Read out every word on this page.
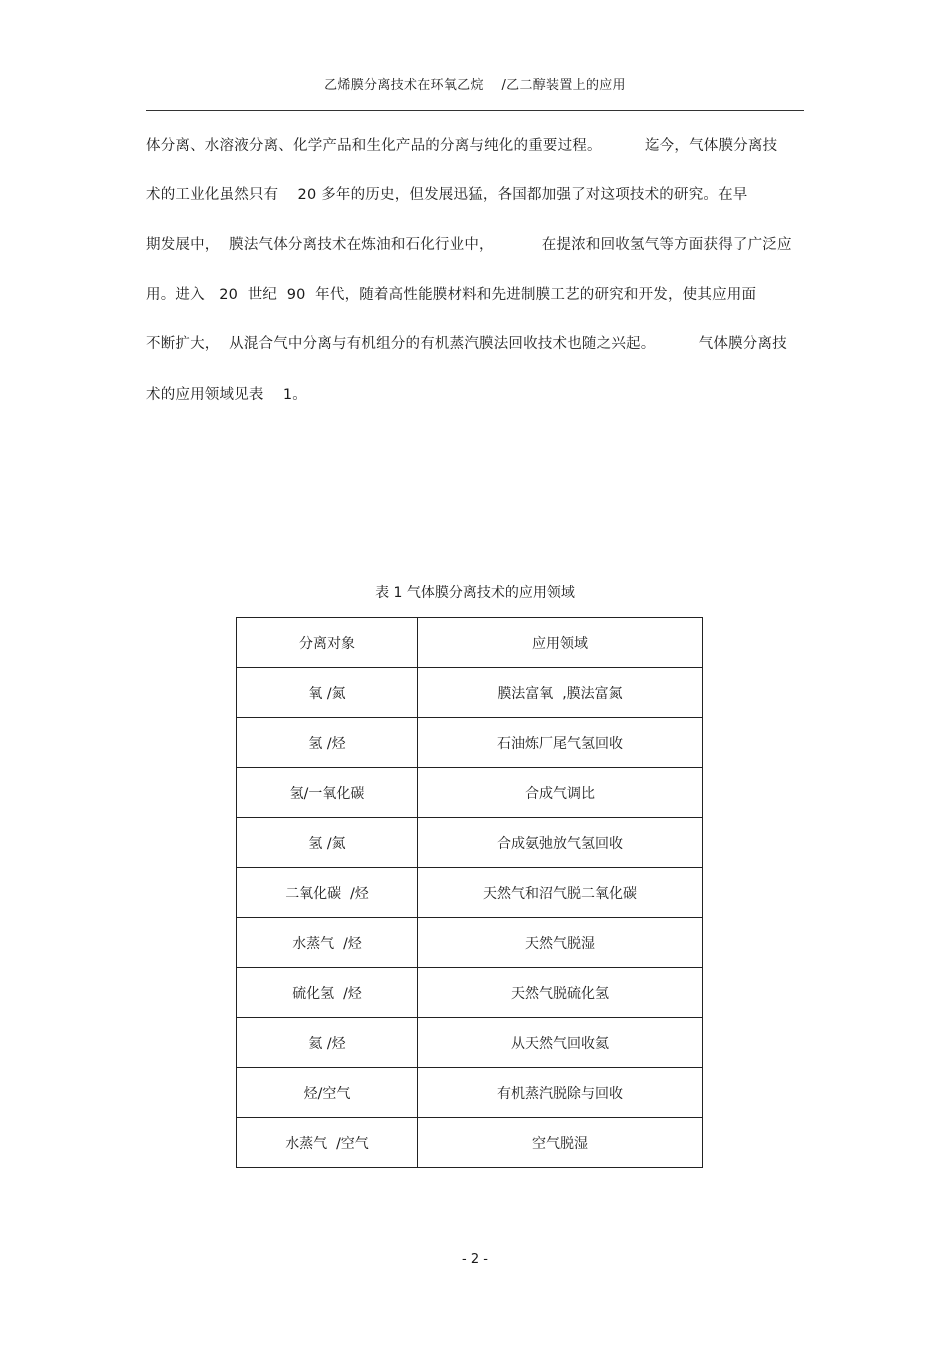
乙烯膜分离技术在环氧乙烷    /乙二醇装置上的应用
体分离、水溶液分离、化学产品和生化产品的分离与纯化的重要过程。         迄今，气体膜分离技
术的工业化虽然只有    20 多年的历史，但发展迅猛，各国都加强了对这项技术的研究。在早
期发展中，  膜法气体分离技术在炼油和石化行业中，          在提浓和回收氢气等方面获得了广泛应
用。进入   20  世纪  90  年代，随着高性能膜材料和先进制膜工艺的研究和开发，使其应用面
不断扩大，  从混合气中分离与有机组分的有机蒸汽膜法回收技术也随之兴起。         气体膜分离技
术的应用领域见表    1。
表 1 气体膜分离技术的应用领域
分离对象	应用领域
氧 /氮	膜法富氧  ,膜法富氮
氢 /烃	石油炼厂尾气氢回收
氢/一氧化碳	合成气调比
氢 /氮	合成氨弛放气氢回收
二氧化碳  /烃	天然气和沼气脱二氧化碳
水蒸气  /烃	天然气脱湿
硫化氢  /烃	天然气脱硫化氢
氦 /烃	从天然气回收氦
烃/空气	有机蒸汽脱除与回收
水蒸气  /空气	空气脱湿
- 2 -
